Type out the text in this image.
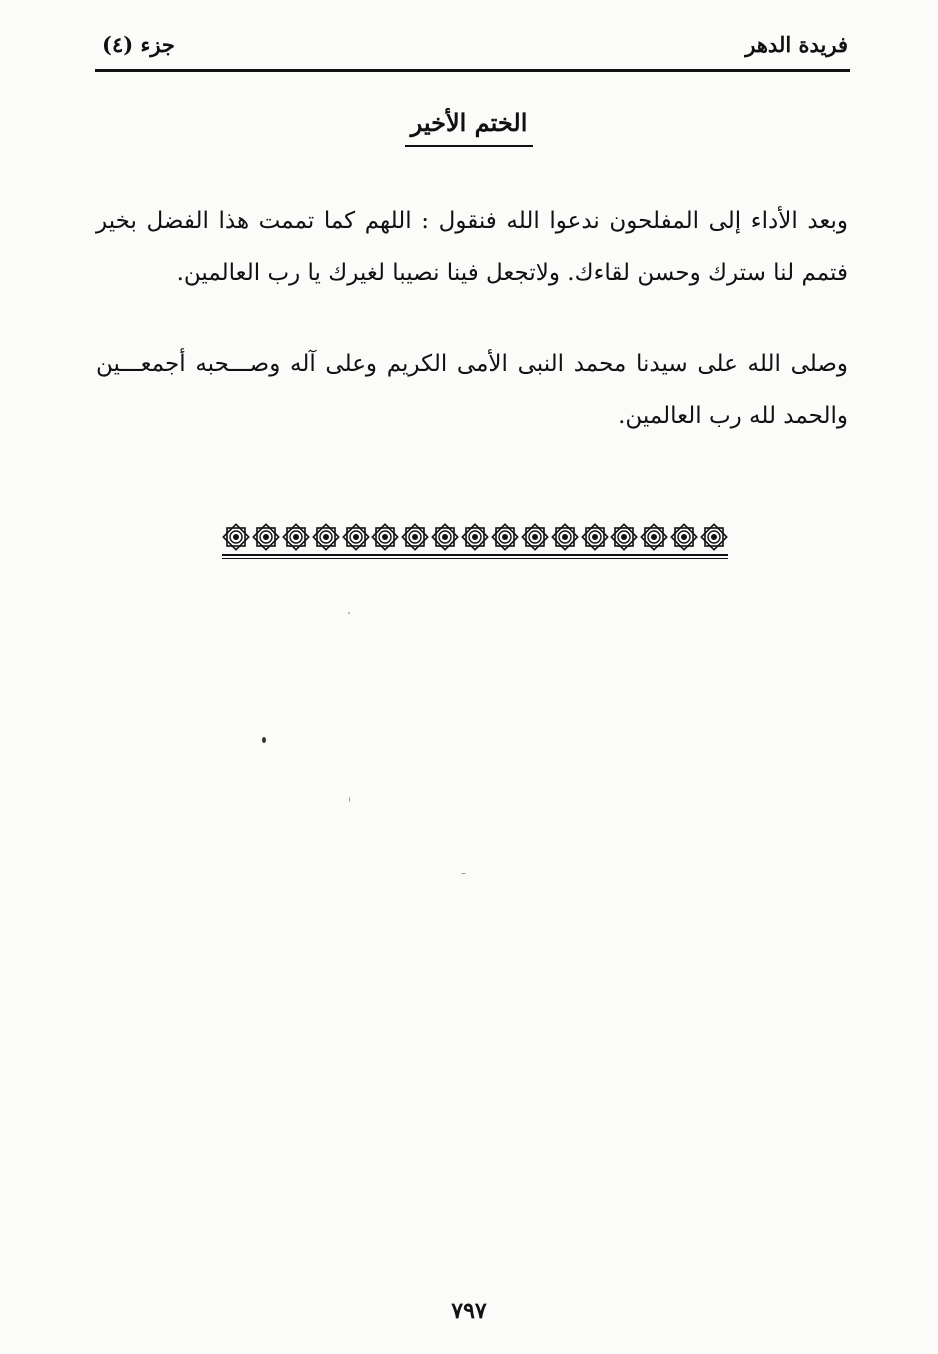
فريدة الدهر
جزء (٤)
الختم الأخير
وبعد الأداء إلى المفلحون ندعوا الله فنقول : اللهم كما تممت هذا الفضل بخير فتمم لنا سترك وحسن لقاءك. ولاتجعل فينا نصيبا لغيرك يا رب العالمين.
وصلى الله على سيدنا محمد النبى الأمى الكريم وعلى آله وصـــحبه أجمعـــين والحمد لله رب العالمين.
٧٩٧
